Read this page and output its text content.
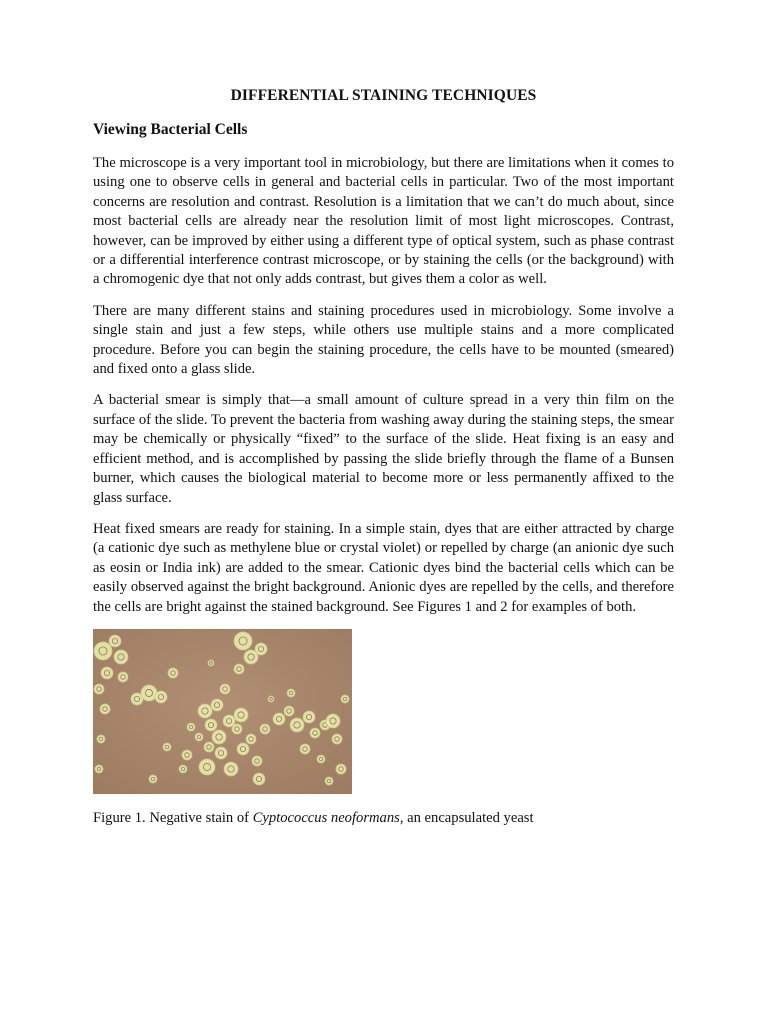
DIFFERENTIAL STAINING TECHNIQUES
Viewing Bacterial Cells

The microscope is a very important tool in microbiology, but there are limitations when it comes to using one to observe cells in general and bacterial cells in particular. Two of the most important concerns are resolution and contrast. Resolution is a limitation that we can’t do much about, since most bacterial cells are already near the resolution limit of most light microscopes. Contrast, however, can be improved by either using a different type of optical system, such as phase contrast or a differential interference contrast microscope, or by staining the cells (or the background) with a chromogenic dye that not only adds contrast, but gives them a color as well.

There are many different stains and staining procedures used in microbiology. Some involve a single stain and just a few steps, while others use multiple stains and a more complicated procedure. Before you can begin the staining procedure, the cells have to be mounted (smeared) and fixed onto a glass slide.

A bacterial smear is simply that—a small amount of culture spread in a very thin film on the surface of the slide. To prevent the bacteria from washing away during the staining steps, the smear may be chemically or physically “fixed” to the surface of the slide. Heat fixing is an easy and efficient method, and is accomplished by passing the slide briefly through the flame of a Bunsen burner, which causes the biological material to become more or less permanently affixed to the glass surface.

Heat fixed smears are ready for staining. In a simple stain, dyes that are either attracted by charge (a cationic dye such as methylene blue or crystal violet) or repelled by charge (an anionic dye such as eosin or India ink) are added to the smear. Cationic dyes bind the bacterial cells which can be easily observed against the bright background. Anionic dyes are repelled by the cells, and therefore the cells are bright against the stained background. See Figures 1 and 2 for examples of both.

Figure 1. Negative stain of Cyptococcus neoformans, an encapsulated yeast
